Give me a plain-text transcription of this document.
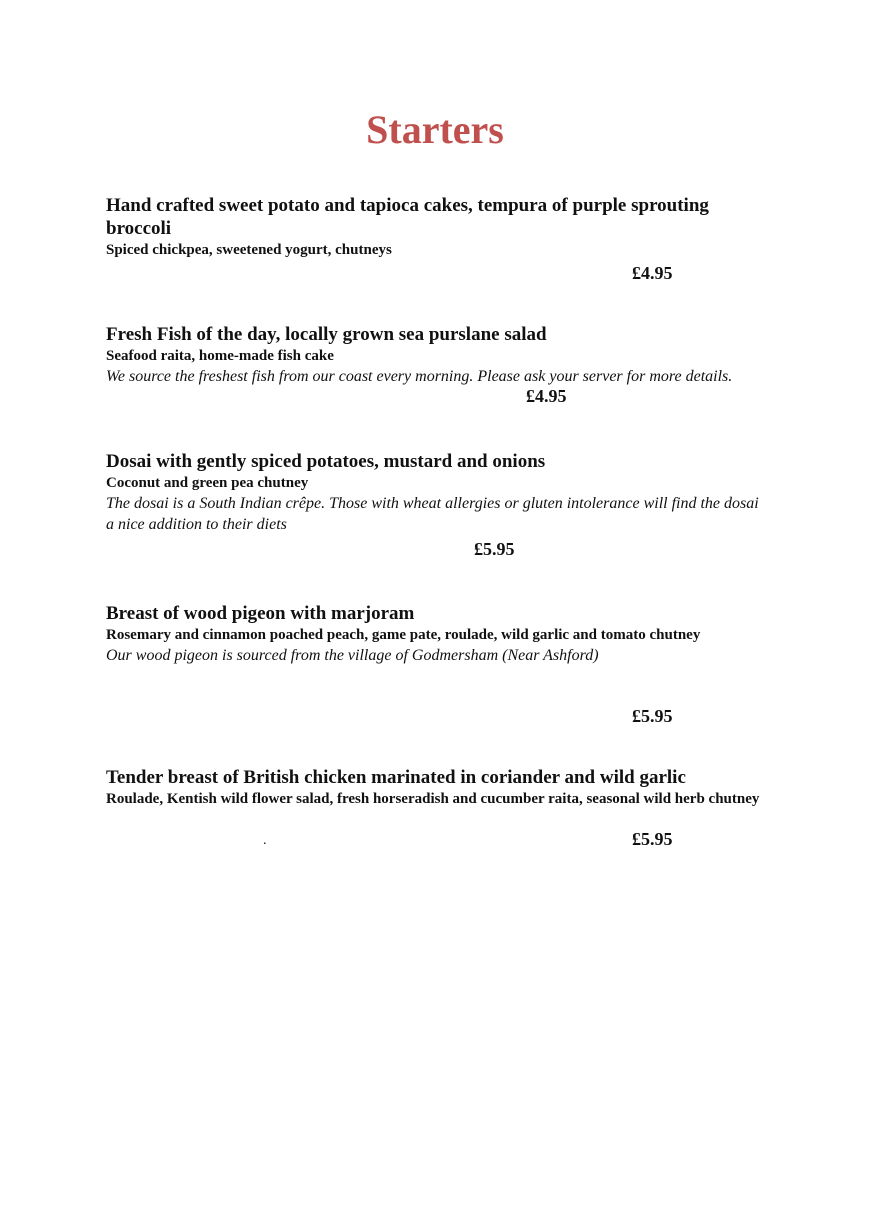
Starters

Hand crafted sweet potato and tapioca cakes, tempura of purple sprouting broccoli

Spiced chickpea, sweetened yogurt, chutneys

£4.95

Fresh Fish of the day, locally grown sea purslane salad

Seafood raita, home-made fish cake

We source the freshest fish from our coast every morning. Please ask your server for more details.

£4.95

Dosai with gently spiced potatoes, mustard and onions

Coconut and green pea chutney

The dosai is a South Indian crêpe. Those with wheat allergies or gluten intolerance will find the dosai a nice addition to their diets

£5.95

Breast of wood pigeon with marjoram

Rosemary and cinnamon poached peach, game pate, roulade, wild garlic and tomato chutney

Our wood pigeon is sourced from the village of Godmersham (Near Ashford)

£5.95

Tender breast of British chicken marinated in coriander and wild garlic

Roulade, Kentish wild flower salad, fresh horseradish and cucumber raita, seasonal wild herb chutney

.	£5.95
